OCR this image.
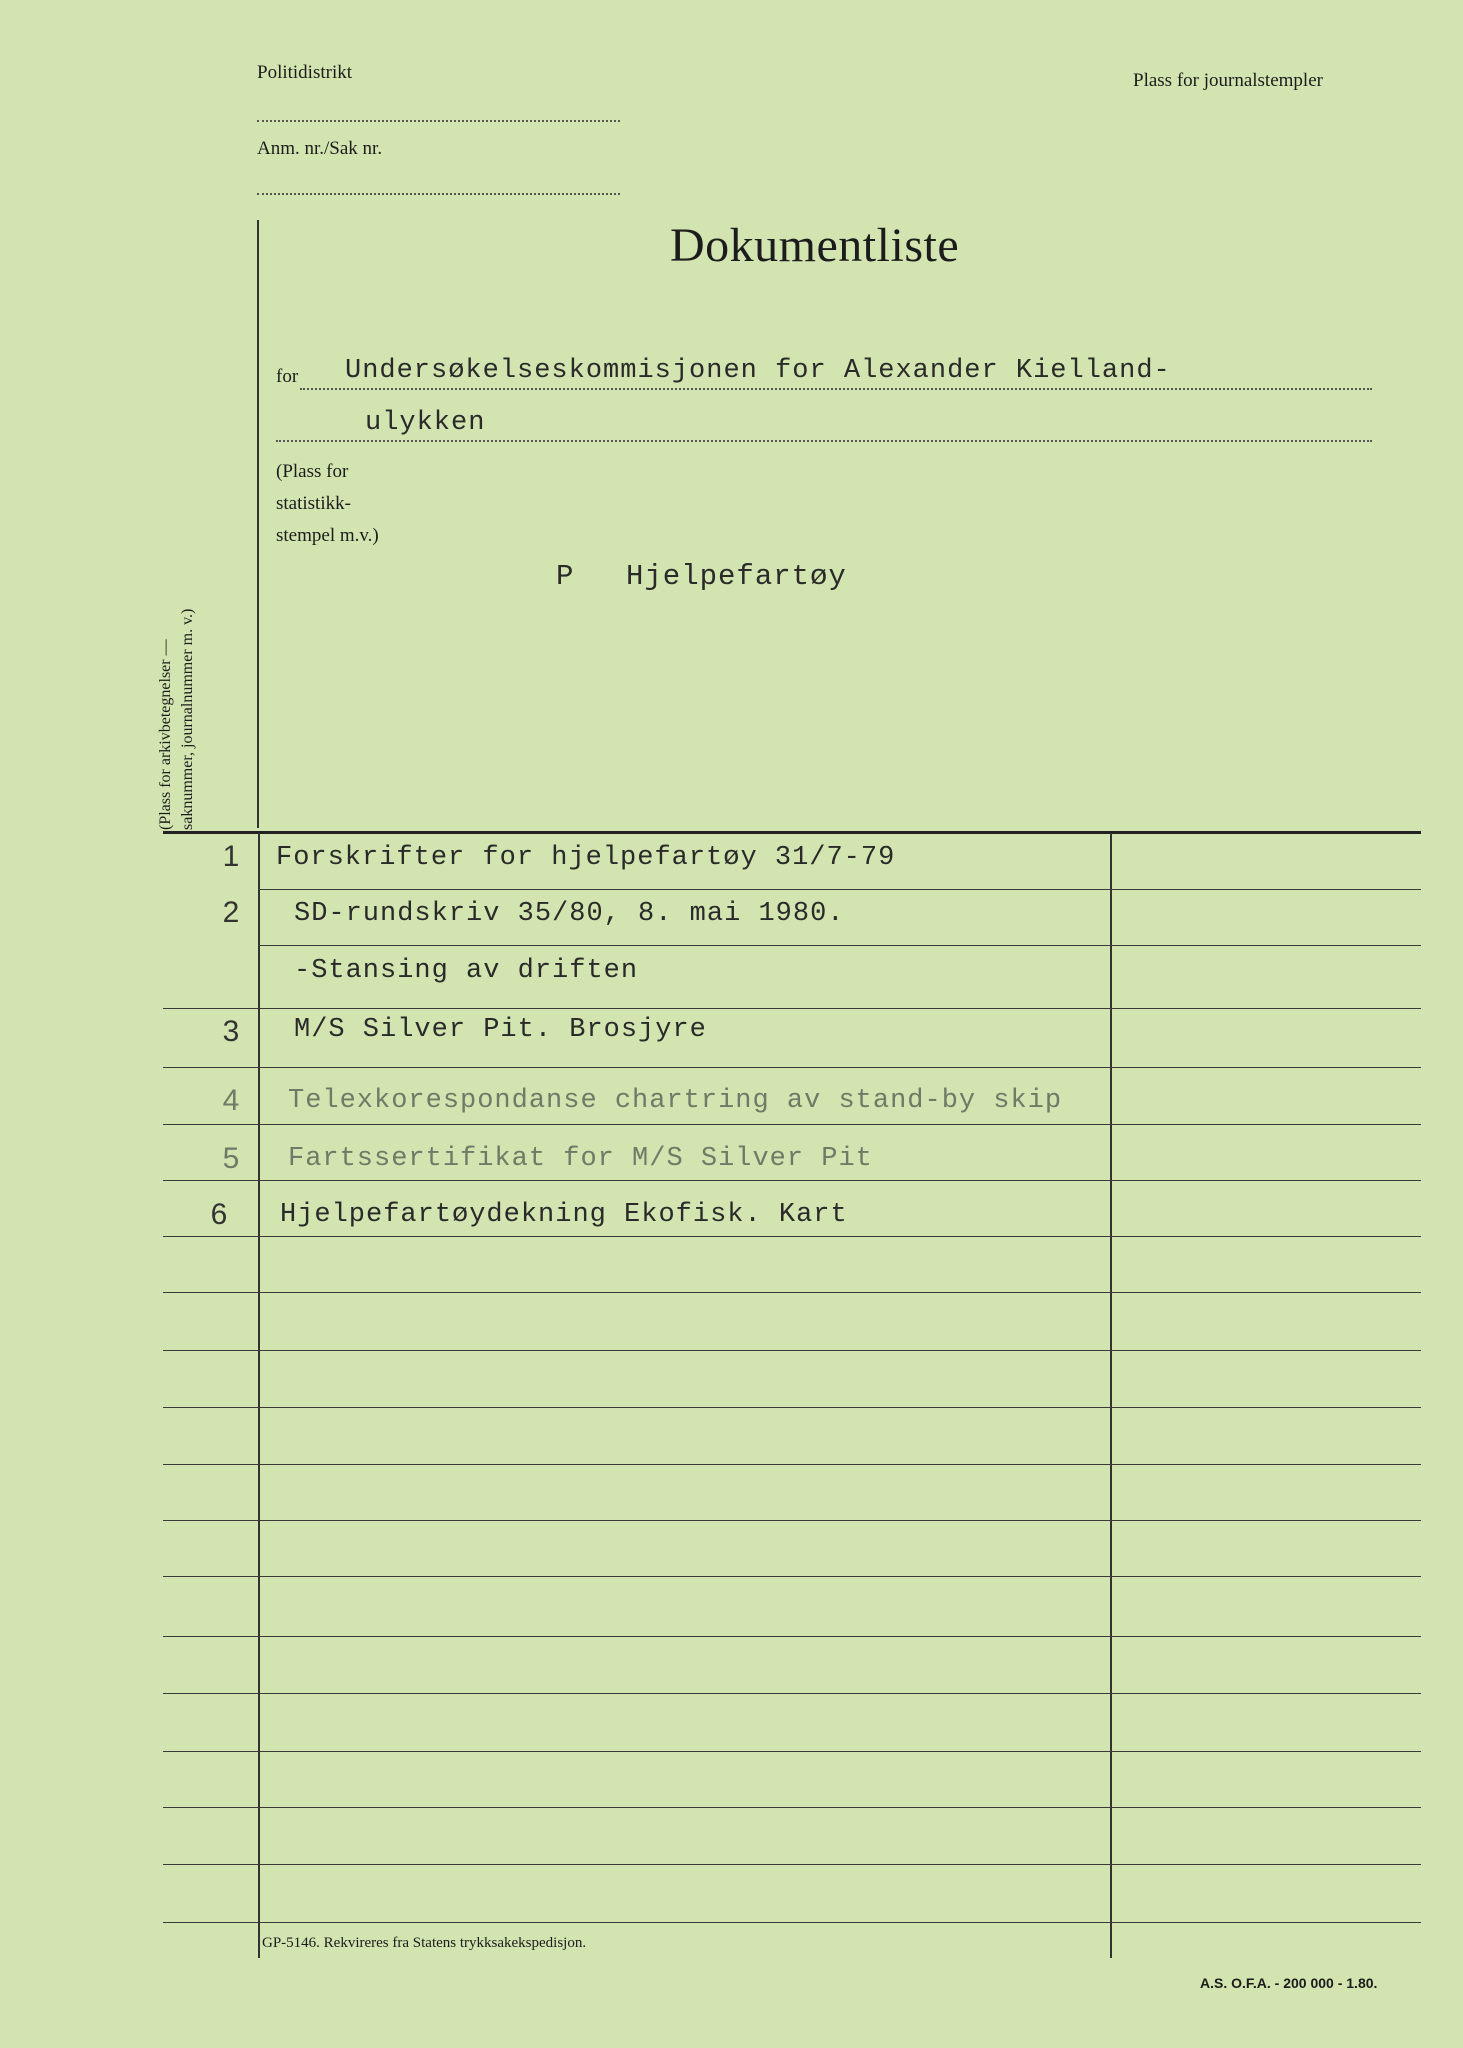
Politidistrikt
Anm. nr./Sak nr.
Plass for journalstempler
Dokumentliste
for Undersøkelseskommisjonen for Alexander Kielland-
ulykken
(Plass for
statistikk-
stempel m.v.)
(Plass for arkivbetegnelser — saknummer, journalnummer m. v.)
P Hjelpefartøy
1	Forskrifter for hjelpefartøy 31/7-79
2	SD-rundskriv 35/80, 8. mai 1980.
-Stansing av driften
3	M/S Silver Pit. Brosjyre
4	Telexkorespondanse chartring av stand-by skip
5	Fartssertifikat for M/S Silver Pit
6	Hjelpefartøydekning Ekofisk. Kart
GP-5146. Rekvireres fra Statens trykksakekspedisjon.
A.S. O.F.A. - 200 000 - 1.80.
